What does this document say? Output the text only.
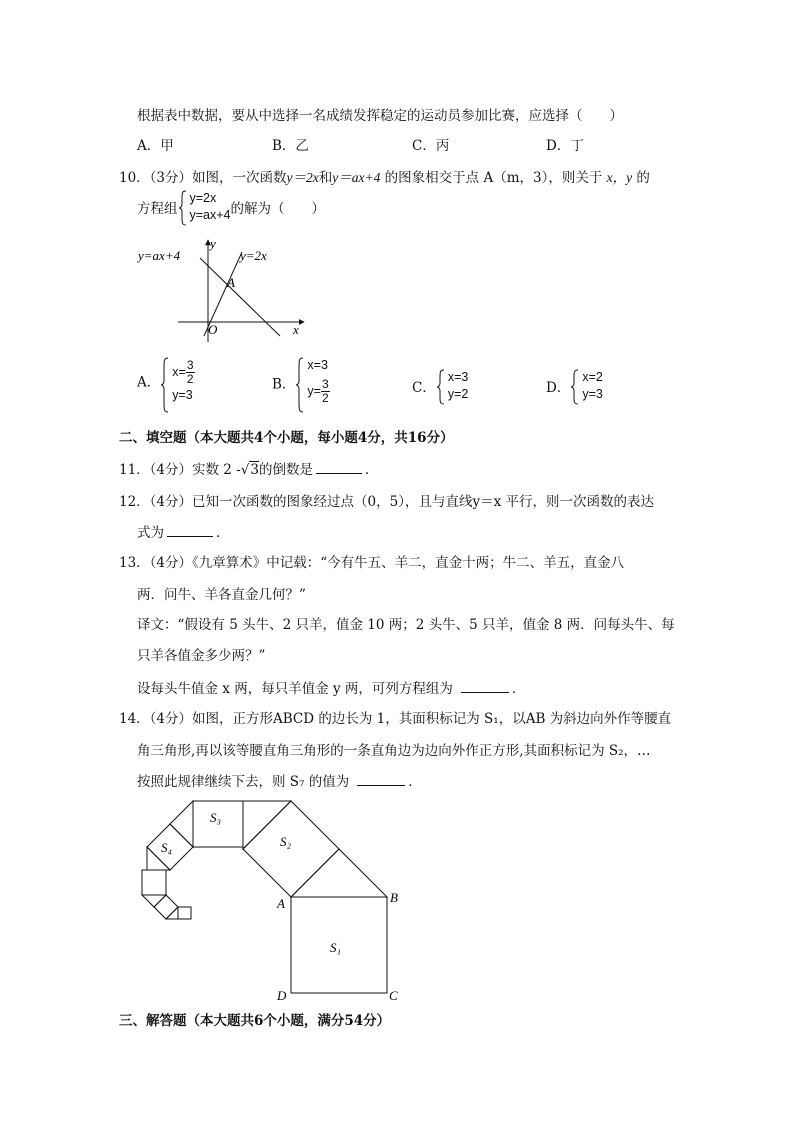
根据表中数据，要从中选择一名成绩发挥稳定的运动员参加比赛，应选择（　　）
A．甲	B．乙	C．丙	D．丁
10．（3分）如图，一次函数y＝2x和y＝ax+4 的图象相交于点 A（m，3），则关于 x，y 的
方程组
y=2x
y=ax+4 的解为（　　）
y=ax+4	y=2x
y
x
O
A
A．
$x= \frac{3}{2}$
y=3
B．
x=3
$y= \frac{3}{2}$	C．
x=3
y=2	D．
x=2
y=3
二、填空题（本大题共4个小题，每小题4分，共16分）
11．（4分）实数 2 -√3的倒数是	．
12．（4分）已知一次函数的图象经过点（0，5），且与直线y＝x 平行，则一次函数的表达
式为	．
13．（4分）《九章算术》中记载：“今有牛五、羊二，直金十两；牛二、羊五，直金八
两．问牛、羊各直金几何？”
译文：“假设有 5 头牛、2 只羊，值金 10 两；2 头牛、5 只羊，值金 8 两．问每头牛、每
只羊各值金多少两？”
设每头牛值金 x 两，每只羊值金 y 两，可列方程组为	．
14．（4分）如图，正方形ABCD 的边长为 1，其面积标记为 S₁，以AB 为斜边向外作等腰直
角三角形,再以该等腰直角三角形的一条直角边为边向外作正方形,其面积标记为 S₂，…
按照此规律继续下去，则 S₇ 的值为	．
S₁
S₂
S₃
S₄
A	B
C
D
三、解答题（本大题共6个小题，满分54分）
